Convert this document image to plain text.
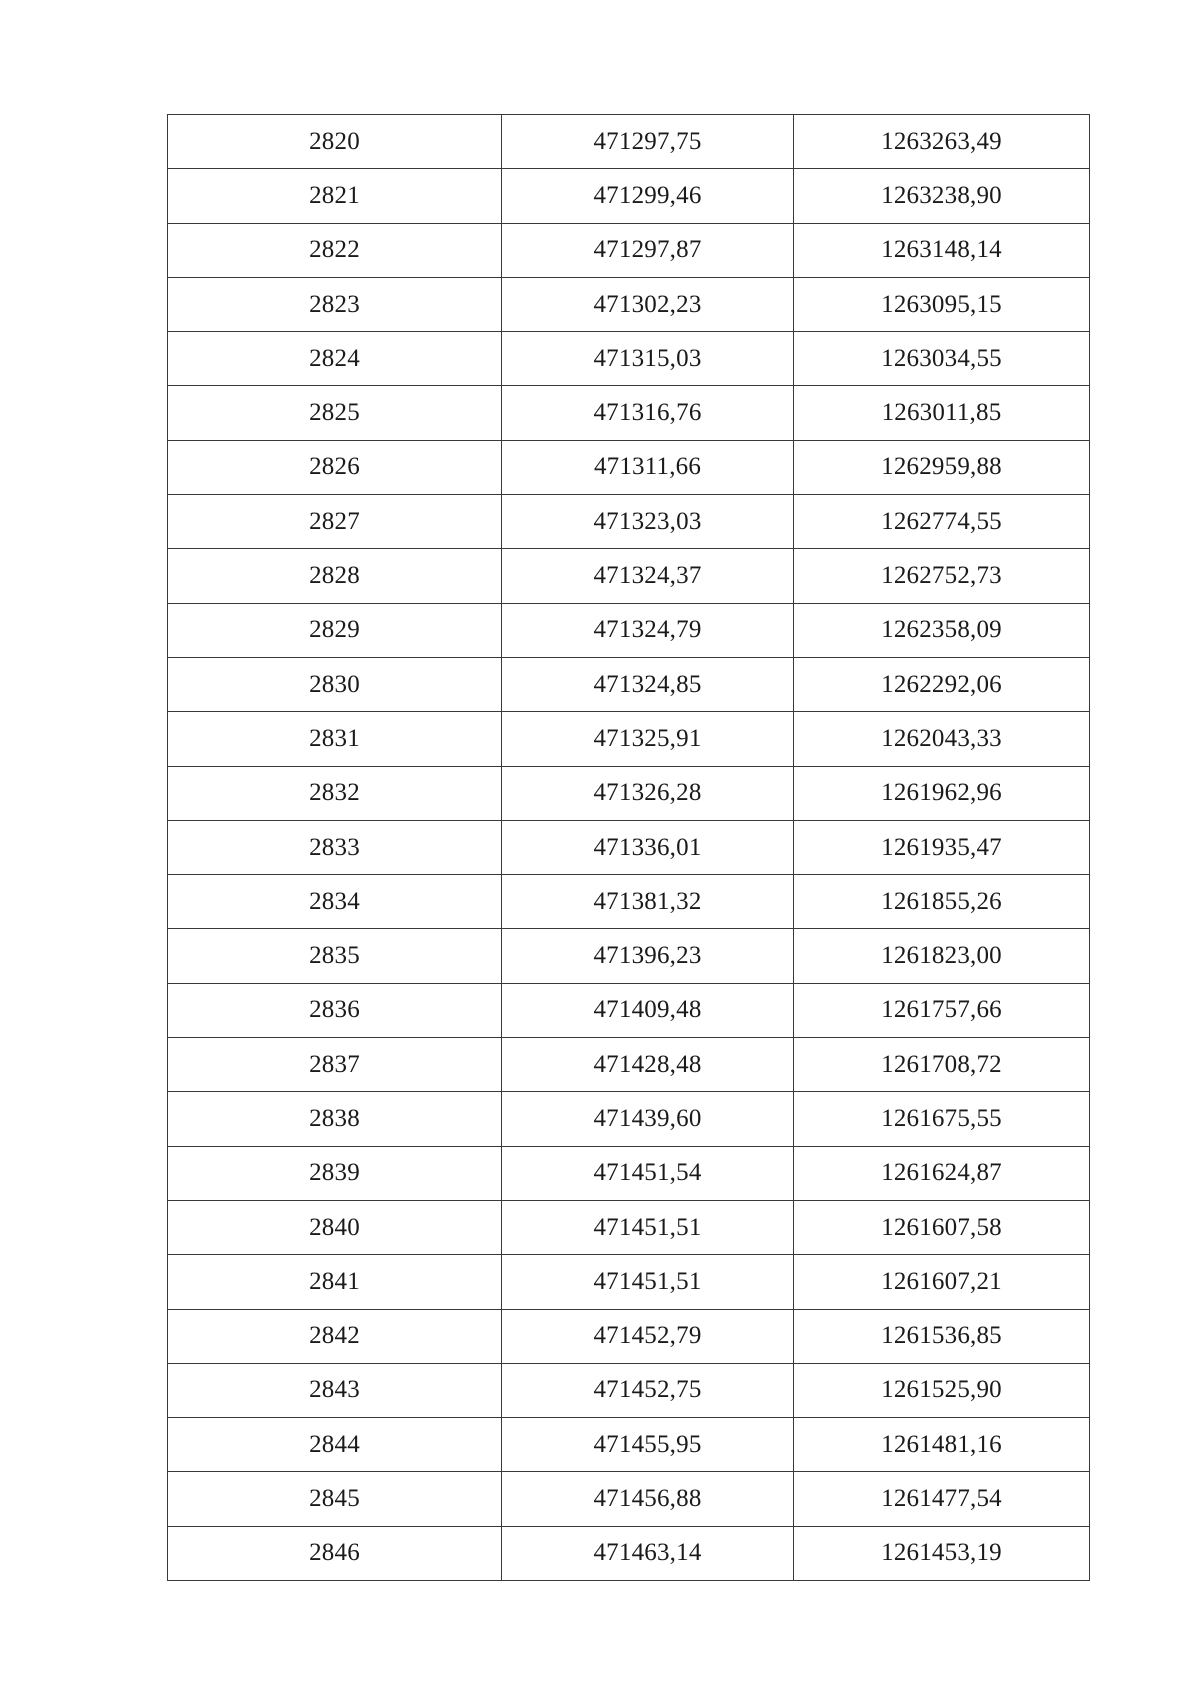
2820	471297,75	1263263,49
2821	471299,46	1263238,90
2822	471297,87	1263148,14
2823	471302,23	1263095,15
2824	471315,03	1263034,55
2825	471316,76	1263011,85
2826	471311,66	1262959,88
2827	471323,03	1262774,55
2828	471324,37	1262752,73
2829	471324,79	1262358,09
2830	471324,85	1262292,06
2831	471325,91	1262043,33
2832	471326,28	1261962,96
2833	471336,01	1261935,47
2834	471381,32	1261855,26
2835	471396,23	1261823,00
2836	471409,48	1261757,66
2837	471428,48	1261708,72
2838	471439,60	1261675,55
2839	471451,54	1261624,87
2840	471451,51	1261607,58
2841	471451,51	1261607,21
2842	471452,79	1261536,85
2843	471452,75	1261525,90
2844	471455,95	1261481,16
2845	471456,88	1261477,54
2846	471463,14	1261453,19
